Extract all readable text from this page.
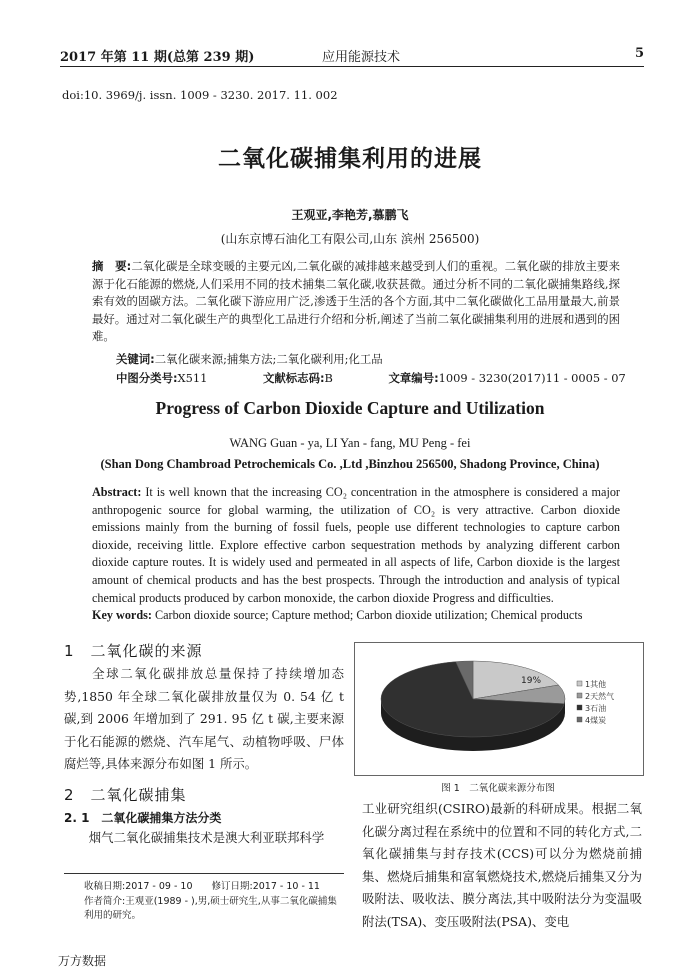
2017 年第 11 期(总第 239 期)	应用能源技术	5
doi:10. 3969/j. issn. 1009 - 3230. 2017. 11. 002
二氧化碳捕集利用的进展
王观亚,李艳芳,慕鹏飞
(山东京博石油化工有限公司,山东 滨州 256500)
摘　要:二氧化碳是全球变暖的主要元凶,二氧化碳的减排越来越受到人们的重视。二氧化碳的排放主要来源于化石能源的燃烧,人们采用不同的技术捕集二氧化碳,收获甚微。通过分析不同的二氧化碳捕集路线,探索有效的固碳方法。二氧化碳下游应用广泛,渗透于生活的各个方面,其中二氧化碳做化工品用量最大,前景最好。通过对二氧化碳生产的典型化工品进行介绍和分析,阐述了当前二氧化碳捕集利用的进展和遇到的困难。
关键词:二氧化碳来源;捕集方法;二氧化碳利用;化工品
中图分类号:X511	文献标志码:B	文章编号:1009 - 3230(2017)11 - 0005 - 07
Progress of Carbon Dioxide Capture and Utilization
WANG Guan - ya, LI Yan - fang, MU Peng - fei
(Shan Dong Chambroad Petrochemicals Co. ,Ltd ,Binzhou 256500, Shadong Province, China)
Abstract: It is well known that the increasing CO₂ concentration in the atmosphere is considered a major anthropogenic source for global warming, the utilization of CO₂ is very attractive. Carbon dioxide emissions mainly from the burning of fossil fuels, people use different technologies to capture carbon dioxide, receiving little. Explore effective carbon sequestration methods by analyzing different carbon dioxide capture routes. It is widely used and permeated in all aspects of life, Carbon dioxide is the largest amount of chemical products and has the best prospects. Through the introduction and analysis of typical chemical products produced by carbon monoxide, the carbon dioxide Progress and difficulties.
Key words: Carbon dioxide source; Capture method; Carbon dioxide utilization; Chemical products
1　二氧化碳的来源
　　全球二氧化碳排放总量保持了持续增加态势,1850 年全球二氧化碳排放量仅为 0. 54 亿 t 碳,到 2006 年增加到了 291. 95 亿 t 碳,主要来源于化石能源的燃烧、汽车尾气、动植物呼吸、尸体腐烂等,具体来源分布如图 1 所示。
2　二氧化碳捕集
2. 1　二氧化碳捕集方法分类
烟气二氧化碳捕集技术是澳大利亚联邦科学
收稿日期:2017 - 09 - 10　　修订日期:2017 - 10 - 11
作者简介:王观亚(1989 - ),男,硕士研究生,从事二氧化碳捕集利用的研究。
19%	1其他
2天然气
3石油
4煤炭
图 1　二氧化碳来源分布图
工业研究组织(CSIRO)最新的科研成果。根据二氧化碳分离过程在系统中的位置和不同的转化方式,二氧化碳捕集与封存技术(CCS)可以分为燃烧前捕集、燃烧后捕集和富氧燃烧技术,燃烧后捕集又分为吸附法、吸收法、膜分离法,其中吸附法分为变温吸附法(TSA)、变压吸附法(PSA)、变电
万方数据
